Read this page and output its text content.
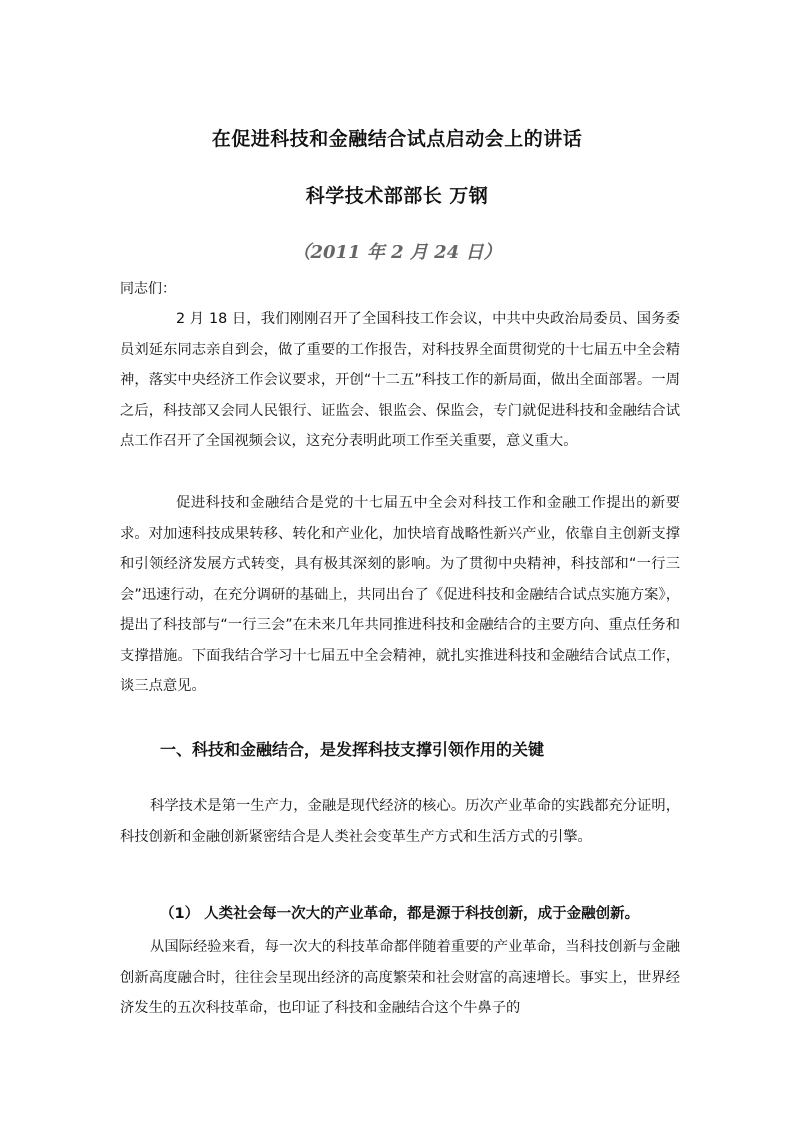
在促进科技和金融结合试点启动会上的讲话
科学技术部部长 万钢
（2011 年 2 月 24 日）
同志们：

2 月 18 日，我们刚刚召开了全国科技工作会议，中共中央政治局委员、国务委员刘延东同志亲自到会，做了重要的工作报告，对科技界全面贯彻党的十七届五中全会精神，落实中央经济工作会议要求，开创“十二五”科技工作的新局面，做出全面部署。一周之后，科技部又会同人民银行、证监会、银监会、保监会，专门就促进科技和金融结合试点工作召开了全国视频会议，这充分表明此项工作至关重要，意义重大。

促进科技和金融结合是党的十七届五中全会对科技工作和金融工作提出的新要求。对加速科技成果转移、转化和产业化，加快培育战略性新兴产业，依靠自主创新支撑和引领经济发展方式转变，具有极其深刻的影响。为了贯彻中央精神，科技部和“一行三会”迅速行动，在充分调研的基础上，共同出台了《促进科技和金融结合试点实施方案》，提出了科技部与“一行三会”在未来几年共同推进科技和金融结合的主要方向、重点任务和支撑措施。下面我结合学习十七届五中全会精神，就扎实推进科技和金融结合试点工作，谈三点意见。

一、科技和金融结合，是发挥科技支撑引领作用的关键

科学技术是第一生产力，金融是现代经济的核心。历次产业革命的实践都充分证明，科技创新和金融创新紧密结合是人类社会变革生产方式和生活方式的引擎。

（1） 人类社会每一次大的产业革命，都是源于科技创新，成于金融创新。

从国际经验来看，每一次大的科技革命都伴随着重要的产业革命，当科技创新与金融创新高度融合时，往往会呈现出经济的高度繁荣和社会财富的高速增长。事实上，世界经济发生的五次科技革命，也印证了科技和金融结合这个牛鼻子的
